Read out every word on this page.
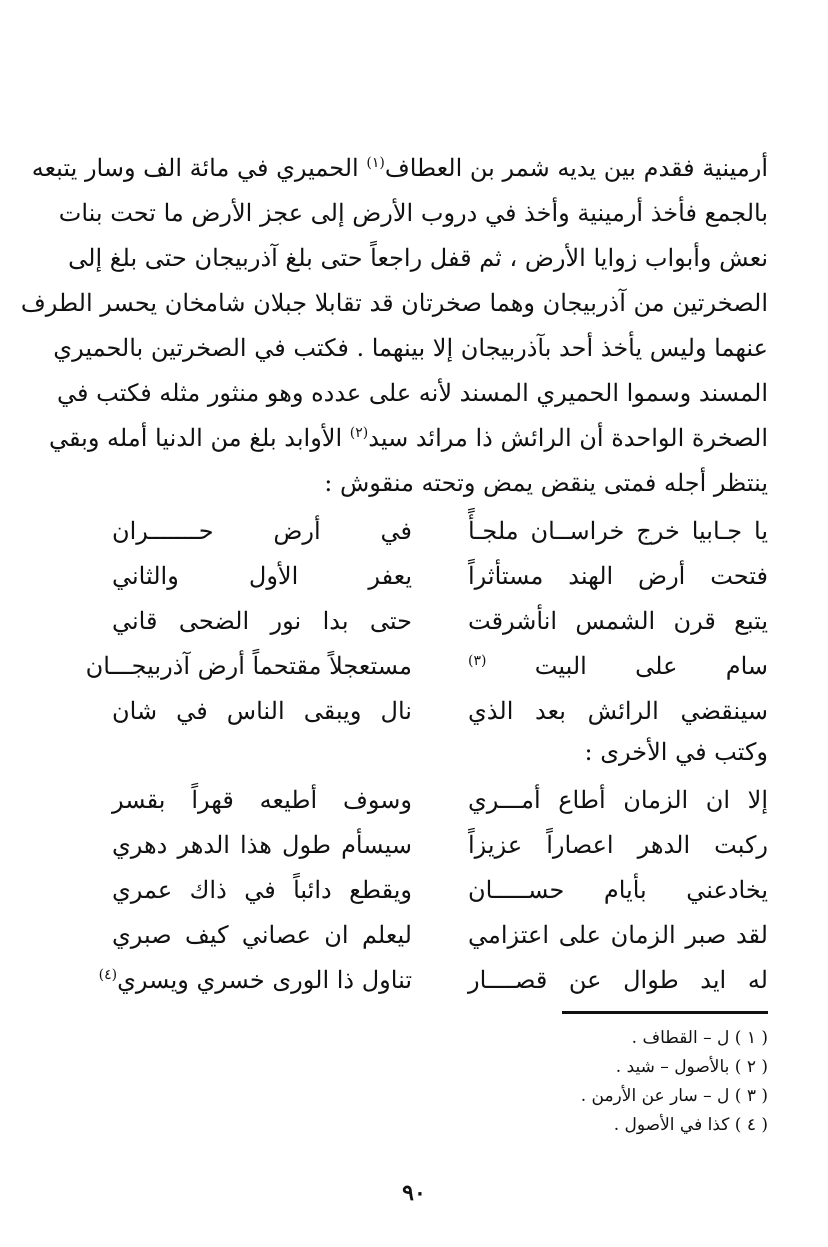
أرمينية فقدم بين يديه شمر بن العطاف$^{(١)}$ الحميري في مائة الف وسار يتبعه
بالجمع فأخذ أرمينية وأخذ في دروب الأرض إلى عجز الأرض ما تحت بنات
نعش وأبواب زوايا الأرض ، ثم قفل راجعاً حتى بلغ آذربيجان حتى بلغ إلى
الصخرتين من آذربيجان وهما صخرتان قد تقابلا جبلان شامخان يحسر الطرف
عنهما وليس يأخذ أحد بآذربيجان إلا بينهما . فكتب في الصخرتين بالحميري
المسند وسموا الحميري المسند لأنه على عدده وهو منثور مثله فكتب في
الصخرة الواحدة أن الرائش ذا مرائد سيد$^{(٢)}$ الأوابد بلغ من الدنيا أمله وبقي
ينتظر أجله فمتى ينقض يمض وتحته منقوش :
يا جـابيا خرج خراســان ملجـأً
في أرض حـــــــران
فتحت أرض الهند مستأثراً
يعفر الأول والثاني
يتبع قرن الشمس انأشرقت
حتى بدا نور الضحى قاني
سام على البيت $^{(٣)}$
مستعجلاً مقتحماً أرض آذربيجـــان
سينقضي الرائش بعد الذي
نال ويبقى الناس في شان
وكتب في الأخرى :
إلا ان الزمان أطاع أمـــري
وسوف أطيعه قهراً بقسر
ركبت الدهر اعصاراً عزيزاً
سيسأم طول هذا الدهر دهري
يخادعني بأيام حســـــان
ويقطع دائباً في ذاك عمري
لقد صبر الزمان على اعتزامي
ليعلم ان عصاني كيف صبري
له ايد طوال عن قصــــار
تناول ذا الورى خسري ويسري$^{(٤)}$
( ١ ) ل – القطاف .
( ٢ ) بالأصول – شيد .
( ٣ ) ل – سار عن الأرمن .
( ٤ ) كذا في الأصول .
٩٠
